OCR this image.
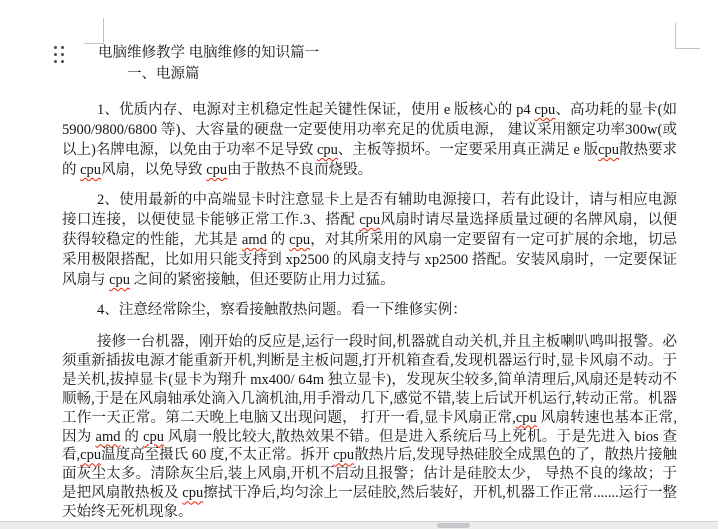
电脑维修教学 电脑维修的知识篇一

一、电源篇

1、优质内存、电源对主机稳定性起关键性保证，使用 e 版核心的 p4 cpu、高功耗的显卡(如5900/9800/6800 等)、大容量的硬盘一定要使用功率充足的优质电源， 建议采用额定功率300w(或以上)名牌电源，以免由于功率不足导致 cpu、主板等损坏。一定要采用真正满足 e 版cpu散热要求的 cpu风扇，以免导致 cpu由于散热不良而烧毁。

2、使用最新的中高端显卡时注意显卡上是否有辅助电源接口，若有此设计，请与相应电源接口连接，以便使显卡能够正常工作.3、搭配 cpu风扇时请尽量选择质量过硬的名牌风扇，以便获得较稳定的性能，尤其是 amd 的 cpu，对其所采用的风扇一定要留有一定可扩展的余地，切忌采用极限搭配，比如用只能支持到 xp2500 的风扇支持与 xp2500 搭配。安装风扇时，一定要保证风扇与 cpu 之间的紧密接触，但还要防止用力过猛。

4、注意经常除尘，察看接触散热问题。看一下维修实例：

接修一台机器，刚开始的反应是,运行一段时间,机器就自动关机,并且主板喇叭鸣叫报警。必须重新插拔电源才能重新开机,判断是主板问题,打开机箱查看,发现机器运行时,显卡风扇不动。于是关机,拔掉显卡(显卡为翔升 mx400/ 64m 独立显卡)，发现灰尘较多,简单清理后,风扇还是转动不顺畅,于是在风扇轴承处滴入几滴机油,用手滑动几下,感觉不错,装上后试开机运行,转动正常。机器工作一天正常。第二天晚上电脑又出现问题， 打开一看,显卡风扇正常,cpu 风扇转速也基本正常,因为 amd 的 cpu 风扇一般比较大,散热效果不错。但是进入系统后马上死机。于是先进入 bios 查看,cpu温度高至摄氏 60 度,不太正常。拆开 cpu散热片后,发现导热硅胶全成黑色的了，散热片接触面灰尘太多。清除灰尘后,装上风扇,开机不启动且报警；估计是硅胶太少， 导热不良的缘故；于是把风扇散热板及 cpu擦拭干净后,均匀涂上一层硅胶,然后装好，开机,机器工作正常.......运行一整天始终无死机现象。
